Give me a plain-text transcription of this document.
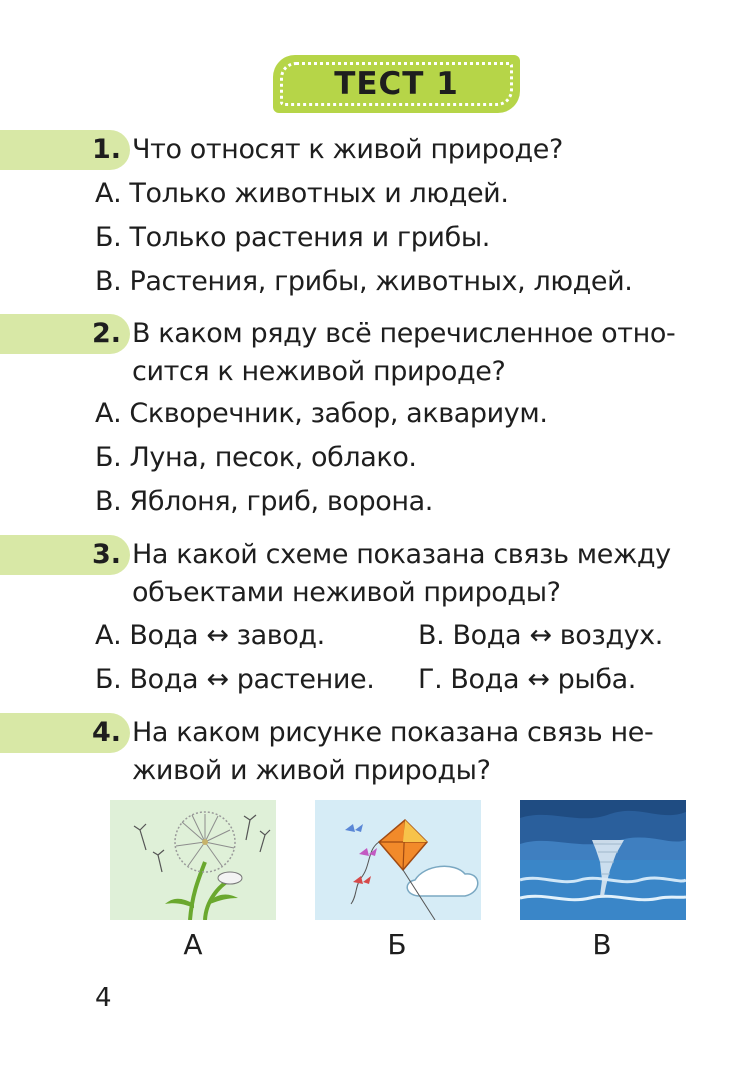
ТЕСТ 1
1. Что относят к живой природе?
А. Только животных и людей.
Б. Только растения и грибы.
В. Растения, грибы, животных, людей.
2. В каком ряду всё перечисленное отно-
сится к неживой природе?
А. Скворечник, забор, аквариум.
Б. Луна, песок, облако.
В. Яблоня, гриб, ворона.
3. На какой схеме показана связь между
объектами неживой природы?
А. Вода ↔ завод.	В. Вода ↔ воздух.
Б. Вода ↔ растение. Г. Вода ↔ рыба.
4. На каком рисунке показана связь не-
живой и живой природы?
А	Б	В
4
